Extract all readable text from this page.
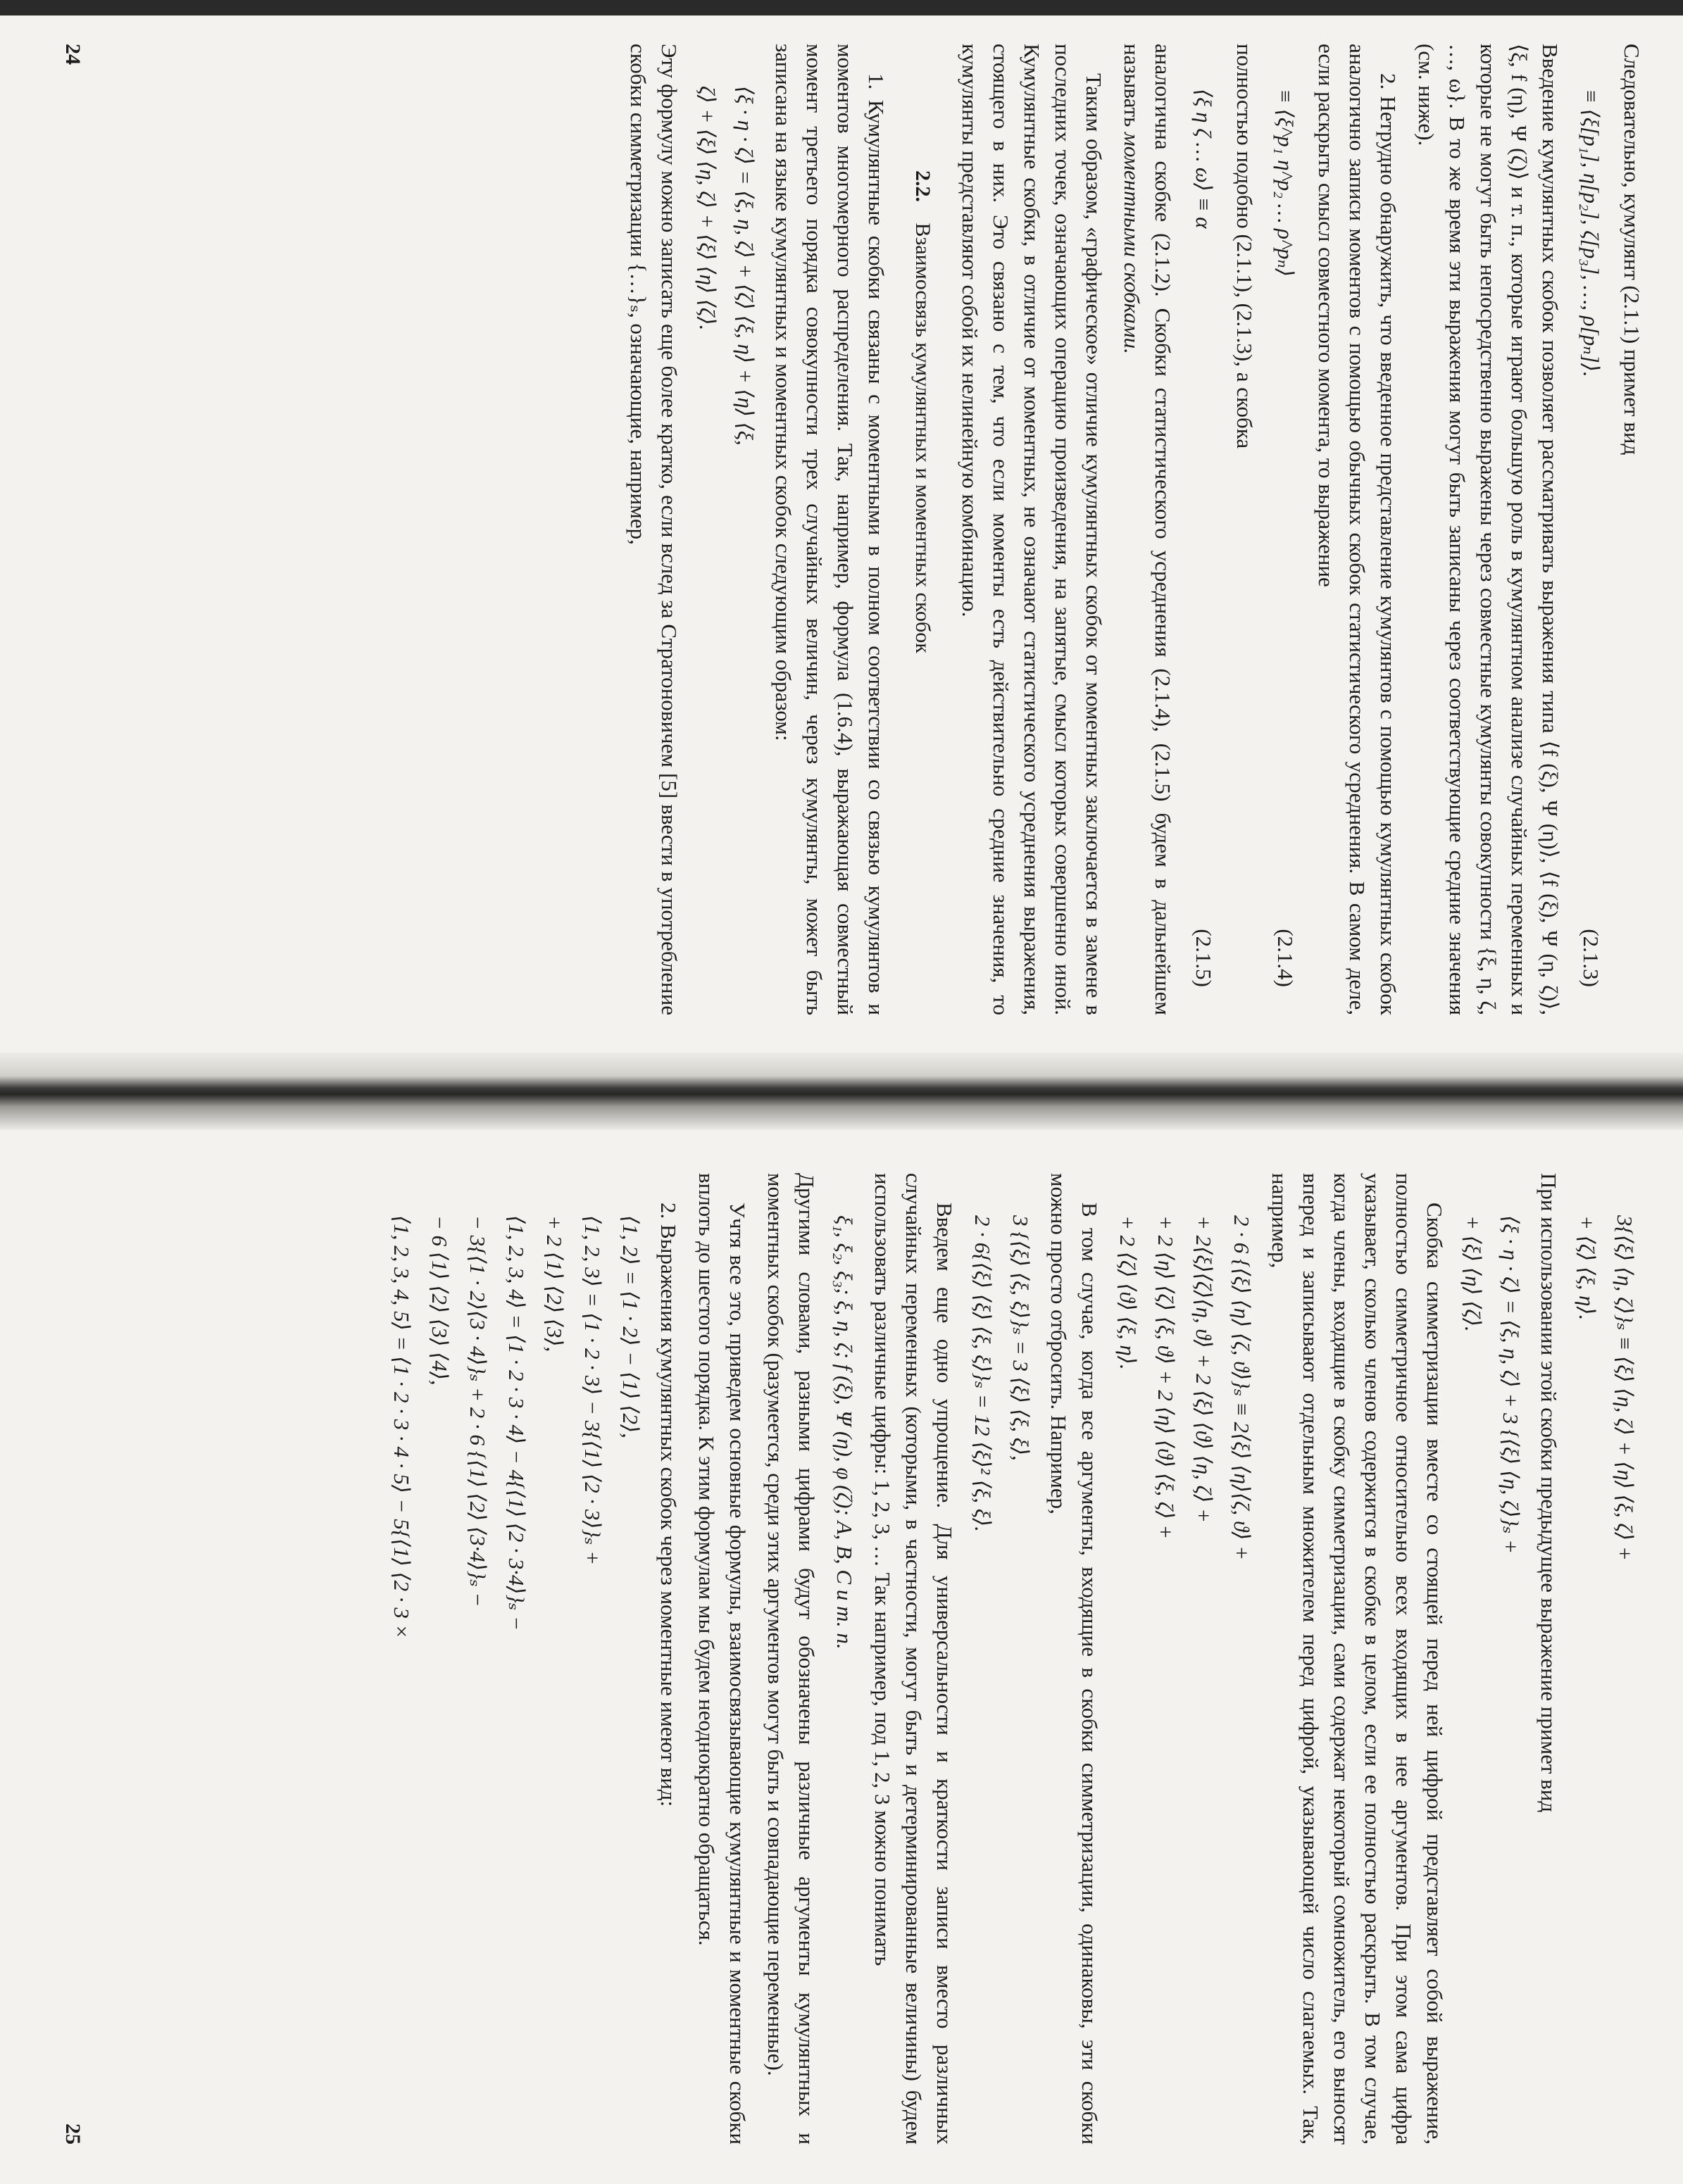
Следовательно, кумулянт (2.1.1) примет вид

≡ ⟨ξ[p₁], η[p₂], ζ[p₃], …, ρ[pₙ]⟩.
(2.1.3)

Введение кумулянтных скобок позволяет рассматривать выражения типа ⟨f (ξ), Ψ (η)⟩, ⟨f (ξ), Ψ (η, ζ)⟩, ⟨ξ, f (η), Ψ (ζ)⟩ и т. п., которые играют большую роль в кумулянтном анализе случайных переменных и которые не могут быть непосредственно выражены через совместные кумулянты совокупности {ξ, η, ζ, …, ω}. В то же время эти выражения могут быть записаны через соответствующие средние значения (см. ниже).

2. Нетрудно обнаружить, что введенное представление кумулянтов с помощью кумулянтных скобок аналогично записи моментов с помощью обычных скобок статистического усреднения. В самом деле, если раскрыть смысл совместного момента, то выражение

≡ ⟨ξ^p₁ η^p₂ … ρ^pₙ⟩
(2.1.4)

полностью подобно (2.1.1), (2.1.3), а скобка

⟨ξ η ζ … ω⟩ ≡ α
(2.1.5)

аналогична скобке (2.1.2). Скобки статистического усреднения (2.1.4), (2.1.5) будем в дальнейшем называть моментными скобками.

Таким образом, «графическое» отличие кумулянтных скобок от моментных заключается в замене в последних точек, означающих операцию произведения, на запятые, смысл которых совершенно иной. Кумулянтные скобки, в отличие от моментных, не означают статистического усреднения выражения, стоящего в них. Это связано с тем, что если моменты есть действительно средние значения, то кумулянты представляют собой их нелинейную комбинацию.

2.2. Взаимосвязь кумулянтных и моментных скобок

1. Кумулянтные скобки связаны с моментными в полном соответствии со связью кумулянтов и моментов многомерного распределения. Так, например, формула (1.6.4), выражающая совместный момент третьего порядка совокупности трех случайных величин, через кумулянты, может быть записана на языке кумулянтных и моментных скобок следующим образом:

⟨ξ · η · ζ⟩ = ⟨ξ, η, ζ⟩ + ⟨ζ⟩ ⟨ξ, η⟩ + ⟨η⟩ ⟨ξ,

ζ⟩ + ⟨ξ⟩ ⟨η, ζ⟩ + ⟨ξ⟩ ⟨η⟩ ⟨ζ⟩.

Эту формулу можно записать еще более кратко, если вслед за Стратоновичем [5] ввести в употребление скобки симметризации {…}ₛ, означающие, например,

24

3{⟨ξ⟩ ⟨η, ζ⟩}ₛ ≡ ⟨ξ⟩ ⟨η, ζ⟩ + ⟨η⟩ ⟨ξ, ζ⟩ +

+ ⟨ζ⟩ ⟨ξ, η⟩.

При использовании этой скобки предыдущее выражение примет вид

⟨ξ · η · ζ⟩ = ⟨ξ, η, ζ⟩ + 3 {⟨ξ⟩ ⟨η, ζ⟩}ₛ +

+ ⟨ξ⟩ ⟨η⟩ ⟨ζ⟩.

Скобка симметризации вместе со стоящей перед ней цифрой представляет собой выражение, полностью симметричное относительно всех входящих в нее аргументов. При этом сама цифра указывает, сколько членов содержится в скобке в целом, если ее полностью раскрыть. В том случае, когда члены, входящие в скобку симметризации, сами содержат некоторый сомножитель, его выносят вперед и записывают отдельным множителем перед цифрой, указывающей число слагаемых. Так, например,

2 · 6 {⟨ξ⟩ ⟨η⟩ ⟨ζ, ϑ⟩}ₛ ≡ 2⟨ξ⟩ ⟨η⟩⟨ζ, ϑ⟩ +

+ 2⟨ξ⟩⟨ζ⟩⟨η, ϑ⟩ + 2 ⟨ξ⟩ ⟨ϑ⟩ ⟨η, ζ⟩ +

+ 2 ⟨η⟩ ⟨ζ⟩ ⟨ξ, ϑ⟩ + 2 ⟨η⟩ ⟨ϑ⟩ ⟨ξ, ζ⟩ +

+ 2 ⟨ζ⟩ ⟨ϑ⟩ ⟨ξ, η⟩.

В том случае, когда все аргументы, входящие в скобки симметризации, одинаковы, эти скобки можно просто отбросить. Например,

3 {⟨ξ⟩ ⟨ξ, ξ⟩}ₛ = 3 ⟨ξ⟩ ⟨ξ, ξ⟩,

2 · 6{⟨ξ⟩ ⟨ξ⟩ ⟨ξ, ξ⟩}ₛ = 12 ⟨ξ⟩² ⟨ξ, ξ⟩.

Введем еще одно упрощение. Для универсальности и краткости записи вместо различных случайных переменных (которыми, в частности, могут быть и детерминированные величины) будем использовать различные цифры: 1, 2, 3, … Так например, под 1, 2, 3 можно понимать

ξ₁, ξ₂, ξ₃; ξ, η, ζ; f (ξ), Ψ (η), φ (ζ); A, B, C и т. п.

Другими словами, разными цифрами будут обозначены различные аргументы кумулянтных и моментных скобок (разумеется, среди этих аргументов могут быть и совпадающие переменные).

Учтя все это, приведем основные формулы, взаимосвязывающие кумулянтные и моментные скобки вплоть до шестого порядка. К этим формулам мы будем неоднократно обращаться.

2. Выражения кумулянтных скобок через моментные имеют вид:

⟨1, 2⟩ = ⟨1 · 2⟩ − ⟨1⟩ ⟨2⟩,

⟨1, 2, 3⟩ = ⟨1 · 2 · 3⟩ − 3{⟨1⟩ ⟨2 · 3⟩}ₛ +

+ 2 ⟨1⟩ ⟨2⟩ ⟨3⟩,

⟨1, 2, 3, 4⟩ = ⟨1 · 2 · 3 · 4⟩ − 4{⟨1⟩ ⟨2 · 3·4⟩}ₛ −

− 3{⟨1 · 2⟩⟨3 · 4⟩}ₛ + 2 · 6 {⟨1⟩ ⟨2⟩ ⟨3·4⟩}ₛ −

− 6 ⟨1⟩ ⟨2⟩ ⟨3⟩ ⟨4⟩,

⟨1, 2, 3, 4, 5⟩ = ⟨1 · 2 · 3 · 4 · 5⟩ − 5{⟨1⟩ ⟨2 · 3 ×

25
